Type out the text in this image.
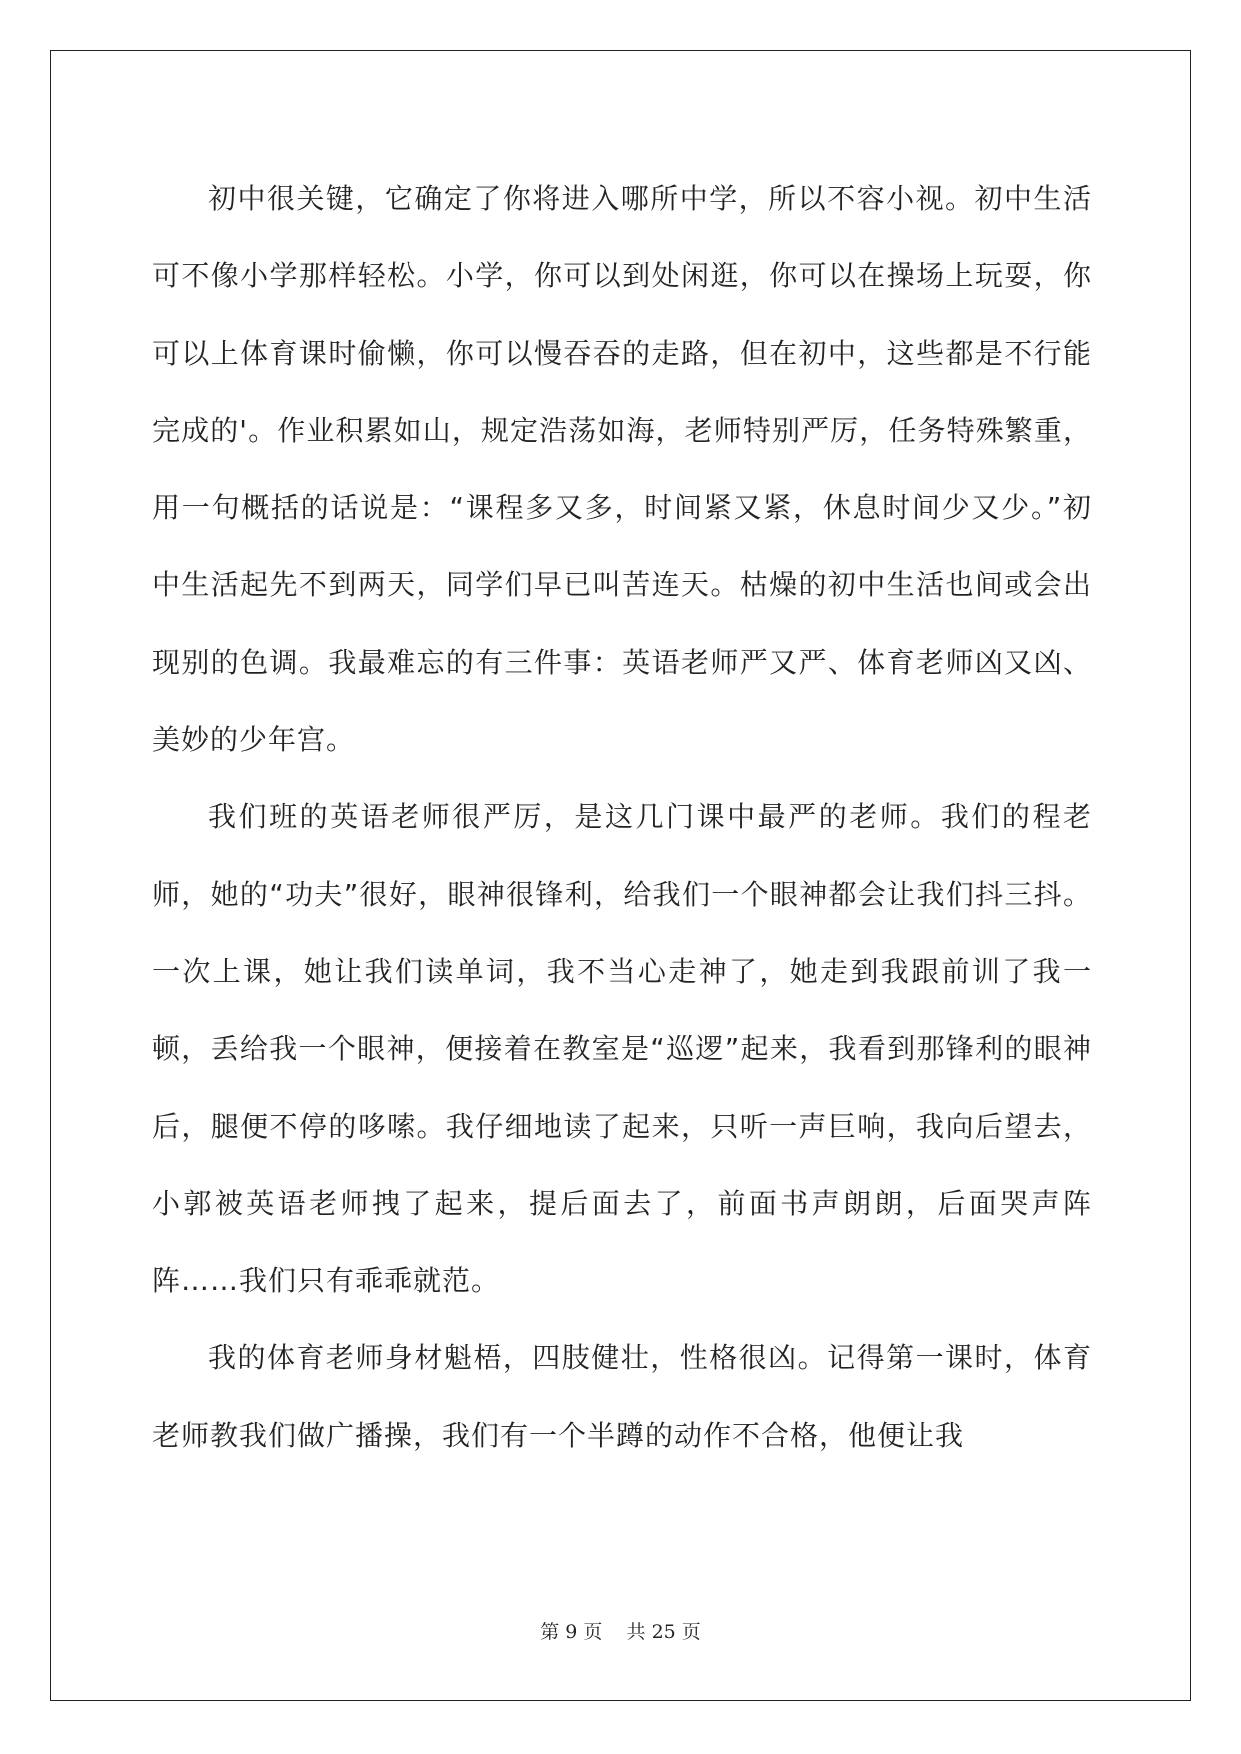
初中很关键，它确定了你将进入哪所中学，所以不容小视。初中生活可不像小学那样轻松。小学，你可以到处闲逛，你可以在操场上玩耍，你可以上体育课时偷懒，你可以慢吞吞的走路，但在初中，这些都是不行能完成的'。作业积累如山，规定浩荡如海，老师特别严厉，任务特殊繁重，用一句概括的话说是：“课程多又多，时间紧又紧，休息时间少又少。”初中生活起先不到两天，同学们早已叫苦连天。枯燥的初中生活也间或会出现别的色调。我最难忘的有三件事：英语老师严又严、体育老师凶又凶、美妙的少年宫。

我们班的英语老师很严厉，是这几门课中最严的老师。我们的程老师，她的“功夫”很好，眼神很锋利，给我们一个眼神都会让我们抖三抖。一次上课，她让我们读单词，我不当心走神了，她走到我跟前训了我一顿，丢给我一个眼神，便接着在教室是“巡逻”起来，我看到那锋利的眼神后，腿便不停的哆嗦。我仔细地读了起来，只听一声巨响，我向后望去，小郭被英语老师拽了起来，提后面去了，前面书声朗朗，后面哭声阵阵……我们只有乖乖就范。

我的体育老师身材魁梧，四肢健壮，性格很凶。记得第一课时，体育老师教我们做广播操，我们有一个半蹲的动作不合格，他便让我

第 9 页    共 25 页
